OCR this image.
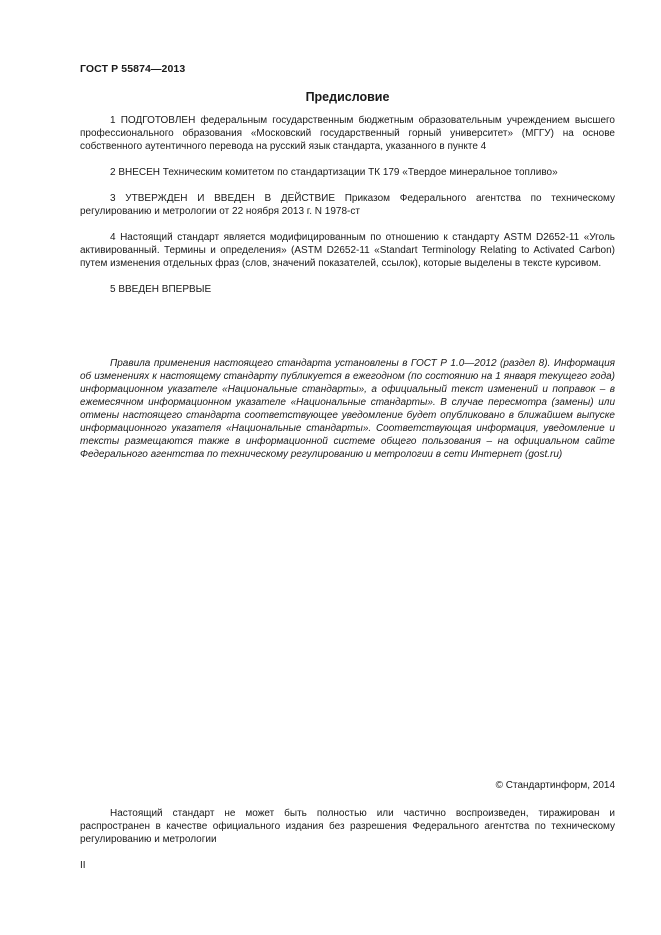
ГОСТ Р 55874—2013
Предисловие

1 ПОДГОТОВЛЕН федеральным государственным бюджетным образовательным учреждением высшего профессионального образования «Московский государственный горный университет» (МГГУ) на основе собственного аутентичного перевода на русский язык стандарта, указанного в пункте 4

2 ВНЕСЕН Техническим комитетом по стандартизации ТК 179 «Твердое минеральное топливо»

3 УТВЕРЖДЕН И ВВЕДЕН В ДЕЙСТВИЕ Приказом Федерального агентства по техническому регулированию и метрологии от 22 ноября 2013 г. N 1978-ст

4 Настоящий стандарт является модифицированным по отношению к стандарту ASTM D2652-11 «Уголь активированный. Термины и определения» (ASTM D2652-11 «Standart Terminology Relating to Activated Carbon) путем изменения отдельных фраз (слов, значений показателей, ссылок), которые выделены в тексте курсивом.

5 ВВЕДЕН ВПЕРВЫЕ

Правила применения настоящего стандарта установлены в ГОСТ Р 1.0—2012 (раздел 8). Информация об изменениях к настоящему стандарту публикуется в ежегодном (по состоянию на 1 января текущего года) информационном указателе «Национальные стандарты», а официальный текст изменений и поправок – в ежемесячном информационном указателе «Национальные стандарты». В случае пересмотра (замены) или отмены настоящего стандарта соответствующее уведомление будет опубликовано в ближайшем выпуске информационного указателя «Национальные стандарты». Соответствующая информация, уведомление и тексты размещаются также в информационной системе общего пользования – на официальном сайте Федерального агентства по техническому регулированию и метрологии в сети Интернет (gost.ru)

© Стандартинформ, 2014

Настоящий стандарт не может быть полностью или частично воспроизведен, тиражирован и распространен в качестве официального издания без разрешения Федерального агентства по техническому регулированию и метрологии

II
